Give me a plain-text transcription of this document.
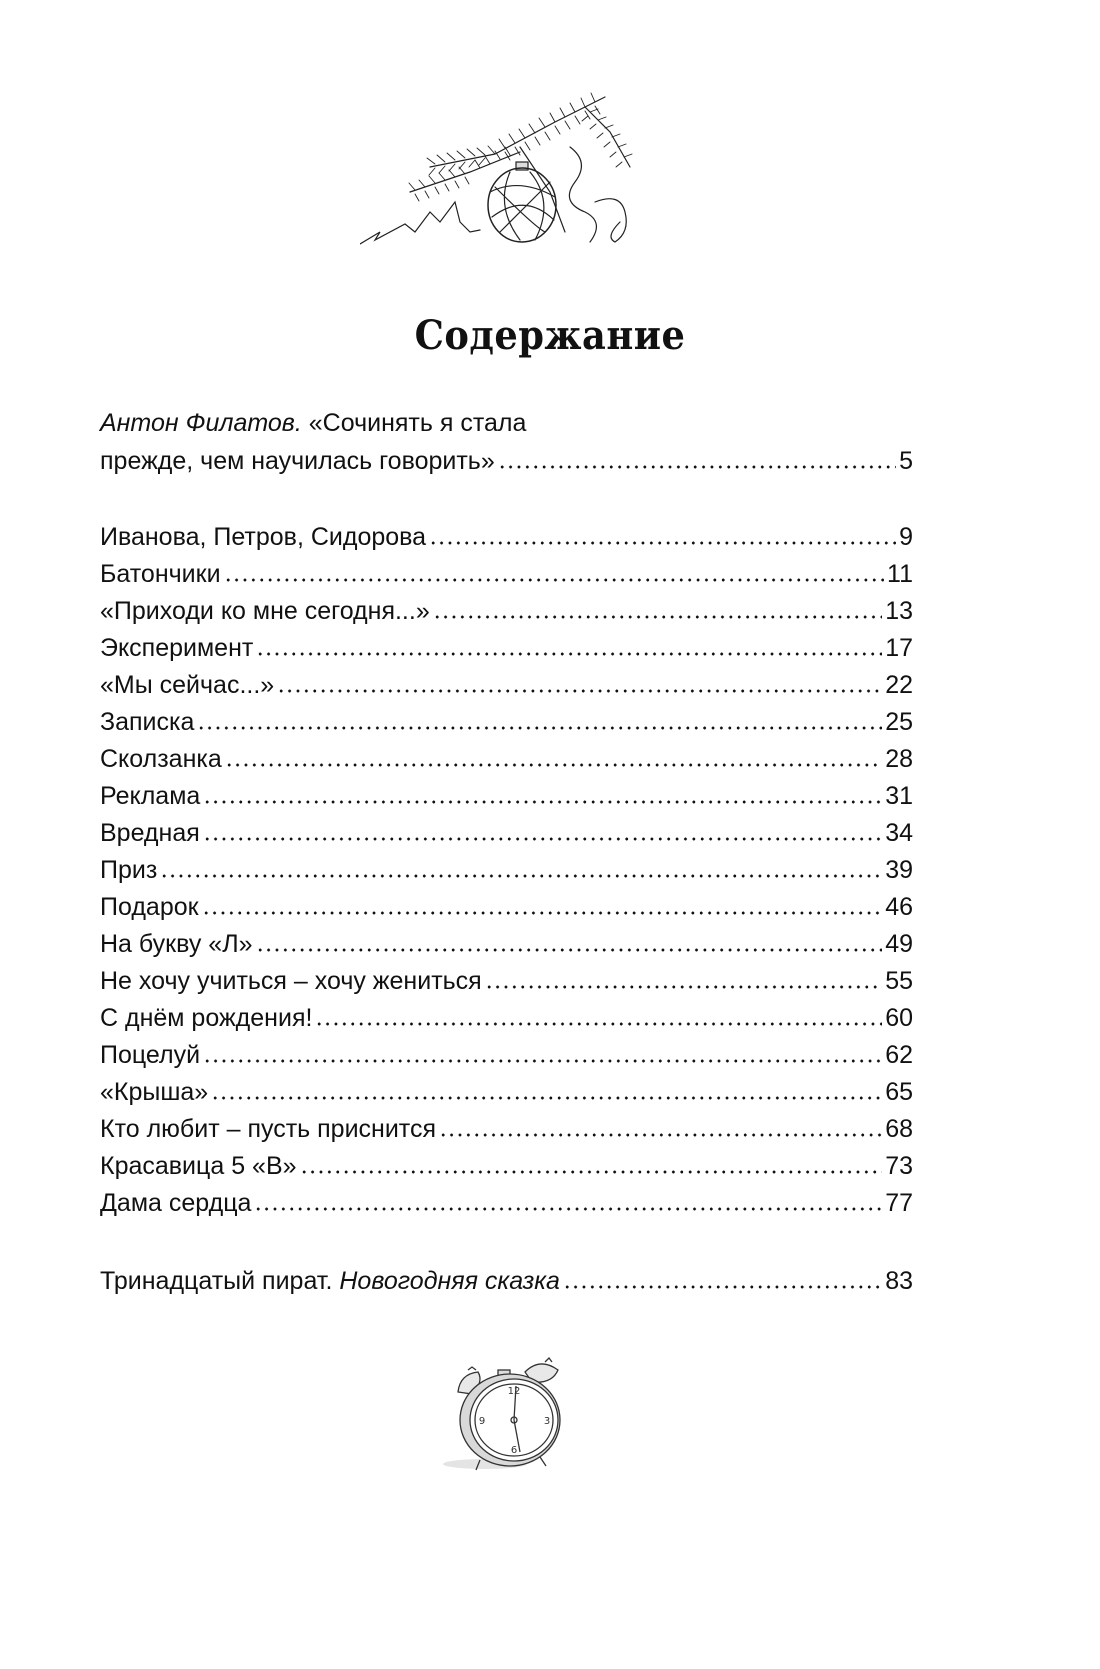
Содержание
Антон Филатов. «Сочинять я стала
прежде, чем научилась говорить»	5
Иванова, Петров, Сидорова	9
Батончики	11
«Приходи ко мне сегодня...»	13
Эксперимент	17
«Мы сейчас...»	22
Записка	25
Сколзанка	28
Реклама	31
Вредная	34
Приз	39
Подарок	46
На букву «Л»	49
Не хочу учиться – хочу жениться	55
С днём рождения!	60
Поцелуй	62
«Крыша»	65
Кто любит – пусть приснится	68
Красавица 5 «В»	73
Дама сердца	77
Тринадцатый пират. Новогодняя сказка	83
12
3
6
9
